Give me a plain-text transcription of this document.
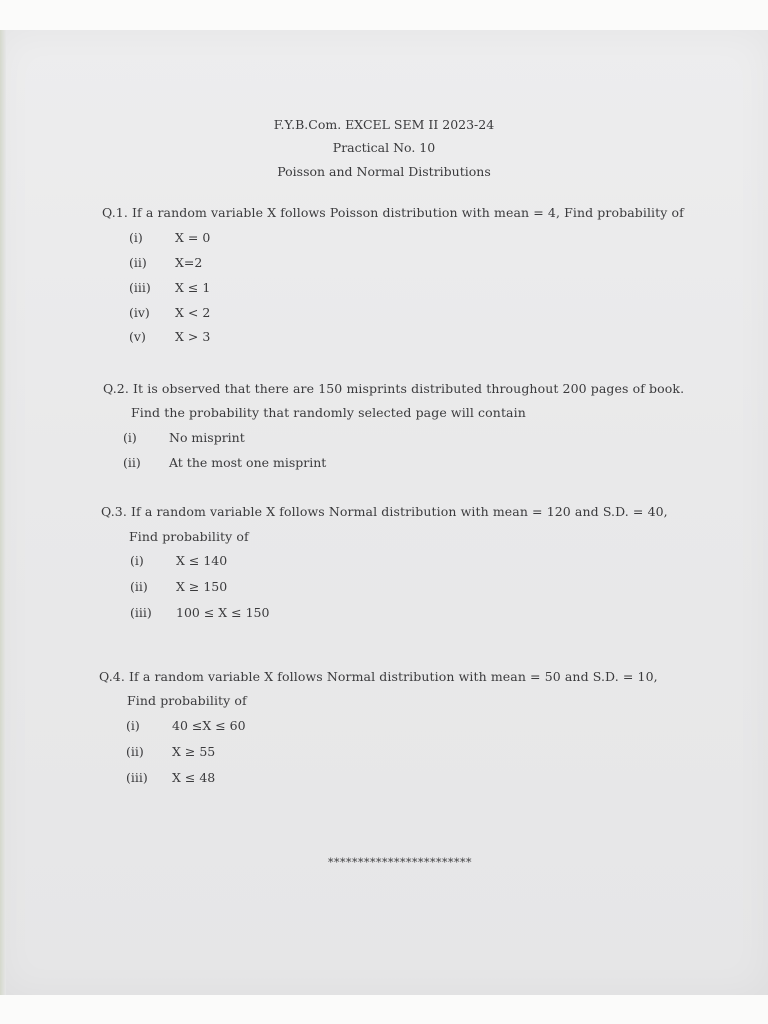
F.Y.B.Com. EXCEL SEM II 2023-24
Practical No. 10
Poisson and Normal Distributions
Q.1. If a random variable X follows Poisson distribution with mean = 4, Find probability of
(i)	X = 0
(ii) X=2
(iii) X ≤ 1
(iv) X < 2
(v) X > 3
Q.2. It is observed that there are 150 misprints distributed throughout 200 pages of book.
Find the probability that randomly selected page will contain
(i)	No misprint
(ii) At the most one misprint
Q.3. If a random variable X follows Normal distribution with mean = 120 and S.D. = 40,
Find probability of
(i)	X ≤ 140
(ii) X ≥ 150
(iii) 100 ≤ X ≤ 150
Q.4. If a random variable X follows Normal distribution with mean = 50 and S.D. = 10,
Find probability of
(i)	40 ≤X ≤ 60
(ii) X ≥ 55
(iii) X ≤ 48
************************
